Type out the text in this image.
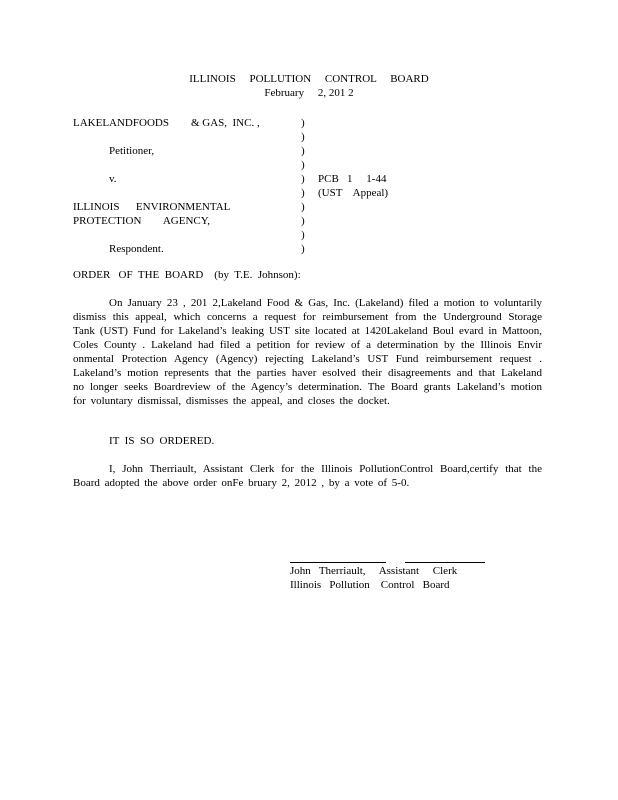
ILLINOIS     POLLUTION     CONTROL     BOARD
February     2, 201 2
LAKELANDFOODS        & GAS,  INC. ,
Petitioner,
v.
ILLINOIS      ENVIRONMENTAL
PROTECTION        AGENCY,
Respondent.
)
)
)
)
)
)
)
)
)
)
PCB   1     1-44
(UST    Appeal)
ORDER   OF  THE  BOARD    (by  T.E.  Johnson):
On January 23 , 201 2,Lakeland Food & Gas, Inc. (Lakeland) filed a motion to voluntarily dismiss this appeal, which concerns a request for reimbursement from the Underground Storage Tank (UST) Fund for Lakeland’s leaking UST site located at 1420Lakeland Boul evard in Mattoon, Coles County . Lakeland had filed a petition for review of a determination by the Illinois Envir onmental Protection Agency (Agency) rejecting Lakeland’s UST Fund reimbursement request . Lakeland’s motion represents that the parties haver esolved their disagreements and that Lakeland no longer seeks Boardreview of the Agency’s determination. The Board grants Lakeland’s motion for voluntary dismissal, dismisses the appeal, and closes the docket.
IT  IS  SO  ORDERED.
I, John Therriault, Assistant Clerk for the Illinois PollutionControl Board,certify that the Board adopted the above order onFe bruary 2, 2012 , by a vote of 5-0.
John   Therriault,     Assistant     Clerk
Illinois   Pollution    Control   Board
